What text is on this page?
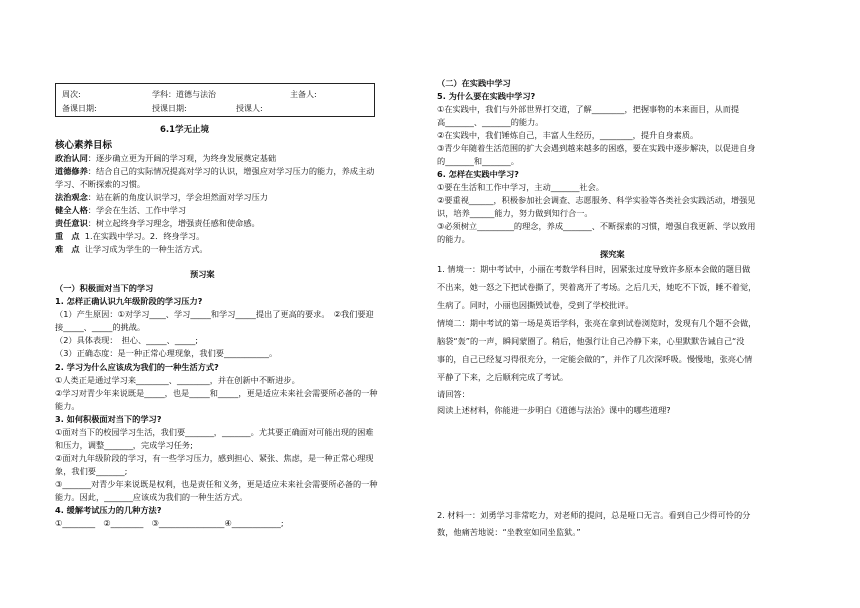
周次:	学科：道德与法治	主备人:
备课日期:	授课日期:	授课人:
6.1学无止境
核心素养目标
政治认同：逐步确立更为开阔的学习观，为终身发展奠定基础
道德修养：结合自己的实际情况提高对学习的认识，增强应对学习压力的能力，养成主动
学习、不断探索的习惯。
法治观念：站在新的角度认识学习，学会坦然面对学习压力
健全人格：学会在生活、工作中学习
责任意识：树立起终身学习理念，增强责任感和使命感。
重　点 1.在实践中学习。2．终身学习。
难　点 让学习成为学生的一种生活方式。
预习案
（一）积极面对当下的学习
1. 怎样正确认识九年级阶段的学习压力?
（1）产生原因：①对学习____、学习_____和学习_____提出了更高的要求。　②我们要迎
接_____、_____的挑战。
（2）具体表现：　担心、_____、_____;
（3）正确态度：是一种正常心理现象，我们要___________。
2. 学习为什么应该成为我们的一种生活方式?
①人类正是通过学习来________、________，并在创新中不断进步。
②学习对青少年来说既是_____，也是_____和_____，更是适应未来社会需要所必备的一种
能力。
3. 如何积极面对当下的学习?
①面对当下的校园学习生活，我们要_______，_______。尤其要正确面对可能出现的困难
和压力，调整_______，完成学习任务;
②面对九年级阶段的学习，有一些学习压力，感到担心、紧张、焦虑，是一种正常心理现
象，我们要_______;
③_______对青少年来说既是权利，也是责任和义务，更是适应未来社会需要所必备的一种
能力。因此，_______应该成为我们的一种生活方式。
4. 缓解考试压力的几种方法?
①________　②________　③________________④____________;
（二）在实践中学习
5. 为什么要在实践中学习?
①在实践中，我们与外部世界打交道，了解________，把握事物的本来面目，从而提
高_______、_______的能力。
②在实践中，我们锤炼自己，丰富人生经历，________，提升自身素质。
③青少年随着生活范围的扩大会遇到越来越多的困惑，要在实践中逐步解决，以促进自身
的_______和_______。
6. 怎样在实践中学习?
①要在生活和工作中学习，主动_______社会。
②要重视______，积极参加社会调查、志愿服务、科学实验等各类社会实践活动，增强见
识，培养______能力，努力做到知行合一。
③必须树立_________的理念，养成_______、不断探索的习惯，增强自我更新、学以致用
的能力。
探究案
1. 情境一：期中考试中，小丽在考数学科目时，因紧张过度导致许多原本会做的题目做
不出来，她一怒之下把试卷撕了，哭着离开了考场。之后几天，她吃不下饭，睡不着觉，
生病了。同时，小丽也因撕毁试卷，受到了学校批评。
情境二：期中考试的第一场是英语学科，张亮在拿到试卷浏览时，发现有几个题不会做，
脑袋“轰”的一声，瞬间蒙圈了。稍后，他强行让自己冷静下来，心里默默告诫自己“没
事的，自己已经复习得很充分，一定能会做的”，并作了几次深呼吸。慢慢地，张亮心情
平静了下来，之后顺利完成了考试。
请回答：
阅读上述材料，你能进一步明白《道德与法治》课中的哪些道理?
2. 材料一：刘勇学习非常吃力，对老师的提问，总是哑口无言。看到自己少得可怜的分
数，他痛苦地说：“坐教室如同坐监狱。”
